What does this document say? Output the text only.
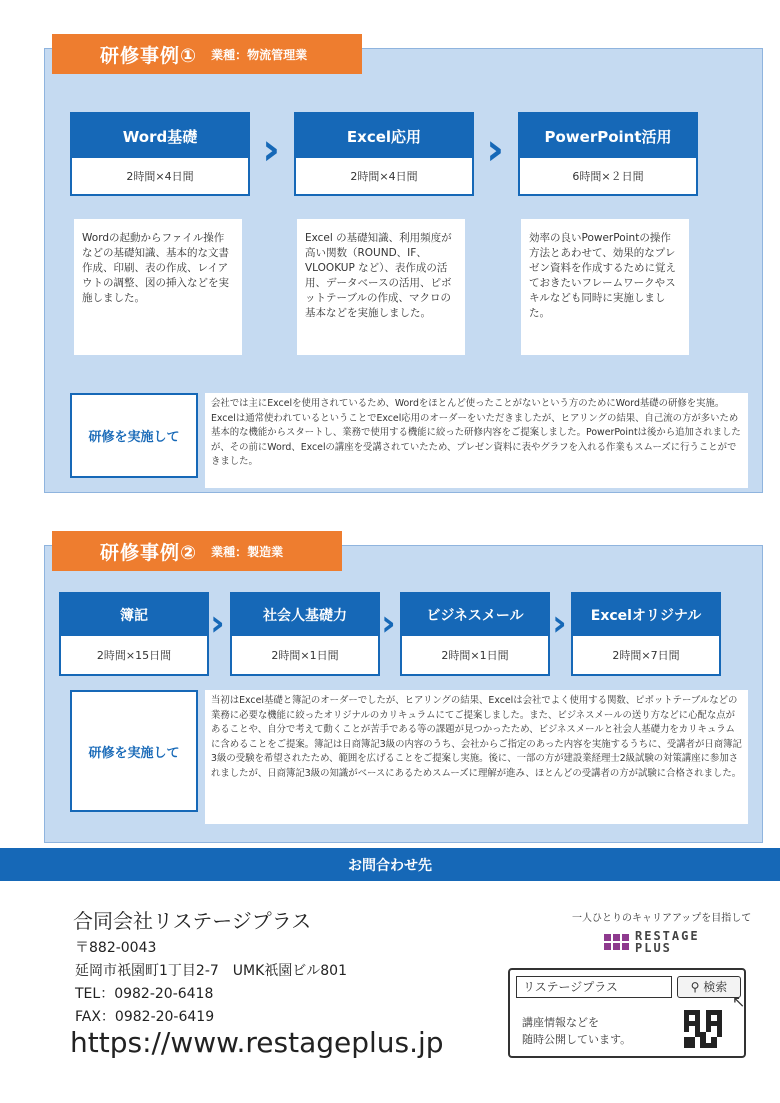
研修事例① 業種：物流管理業
Word基礎
2時間×4日間
›	Excel応用
2時間×4日間
›	PowerPoint活用
6時間×２日間
Wordの起動からファイル操作などの基礎知識、基本的な文書作成、印刷、表の作成、レイアウトの調整、図の挿入などを実施しました。
Excel の基礎知識、利用頻度が高い関数（ROUND、IF、VLOOKUP など）、表作成の活用、データベースの活用、ピボットテーブルの作成、マクロの基本などを実施しました。
効率の良いPowerPointの操作方法とあわせて、効果的なプレゼン資料を作成するために覚えておきたいフレームワークやスキルなども同時に実施しました。
研修を実施して
会社では主にExcelを使用されているため、Wordをほとんど使ったことがないという方のためにWord基礎の研修を実施。Excelは通常使われているということでExcel応用のオーダーをいただきましたが、ヒアリングの結果、自己流の方が多いため基本的な機能からスタートし、業務で使用する機能に絞った研修内容をご提案しました。PowerPointは後から追加されましたが、その前にWord、Excelの講座を受講されていたため、プレゼン資料に表やグラフを入れる作業もスムーズに行うことができました。
研修事例② 業種：製造業
簿記
2時間×15日間
›	社会人基礎力
2時間×1日間
›	ビジネスメール
2時間×1日間
›	Excelオリジナル
2時間×7日間
研修を実施して
当初はExcel基礎と簿記のオーダーでしたが、ヒアリングの結果、Excelは会社でよく使用する関数、ピボットテーブルなどの業務に必要な機能に絞ったオリジナルのカリキュラムにてご提案しました。また、ビジネスメールの送り方などに心配な点があることや、自分で考えて動くことが苦手である等の課題が見つかったため、ビジネスメールと社会人基礎力をカリキュラムに含めることをご提案。簿記は日商簿記3級の内容のうち、会社からご指定のあった内容を実施するうちに、受講者が日商簿記3級の受験を希望されたため、範囲を広げることをご提案し実施。後に、一部の方が建設業経理士2級試験の対策講座に参加されましたが、日商簿記3級の知識がベースにあるためスムーズに理解が進み、ほとんどの受講者の方が試験に合格されました。
お問合わせ先
合同会社リステージプラス
〒882-0043
延岡市祇園町1丁目2-7　UMK祇園ビル801
TEL：0982-20-6418
FAX：0982-20-6419
https://www.restageplus.jp
一人ひとりのキャリアアップを目指して
RESTAGE
PLUS
リステージプラス	⚲ 検索
↖
講座情報などを
随時公開しています。
